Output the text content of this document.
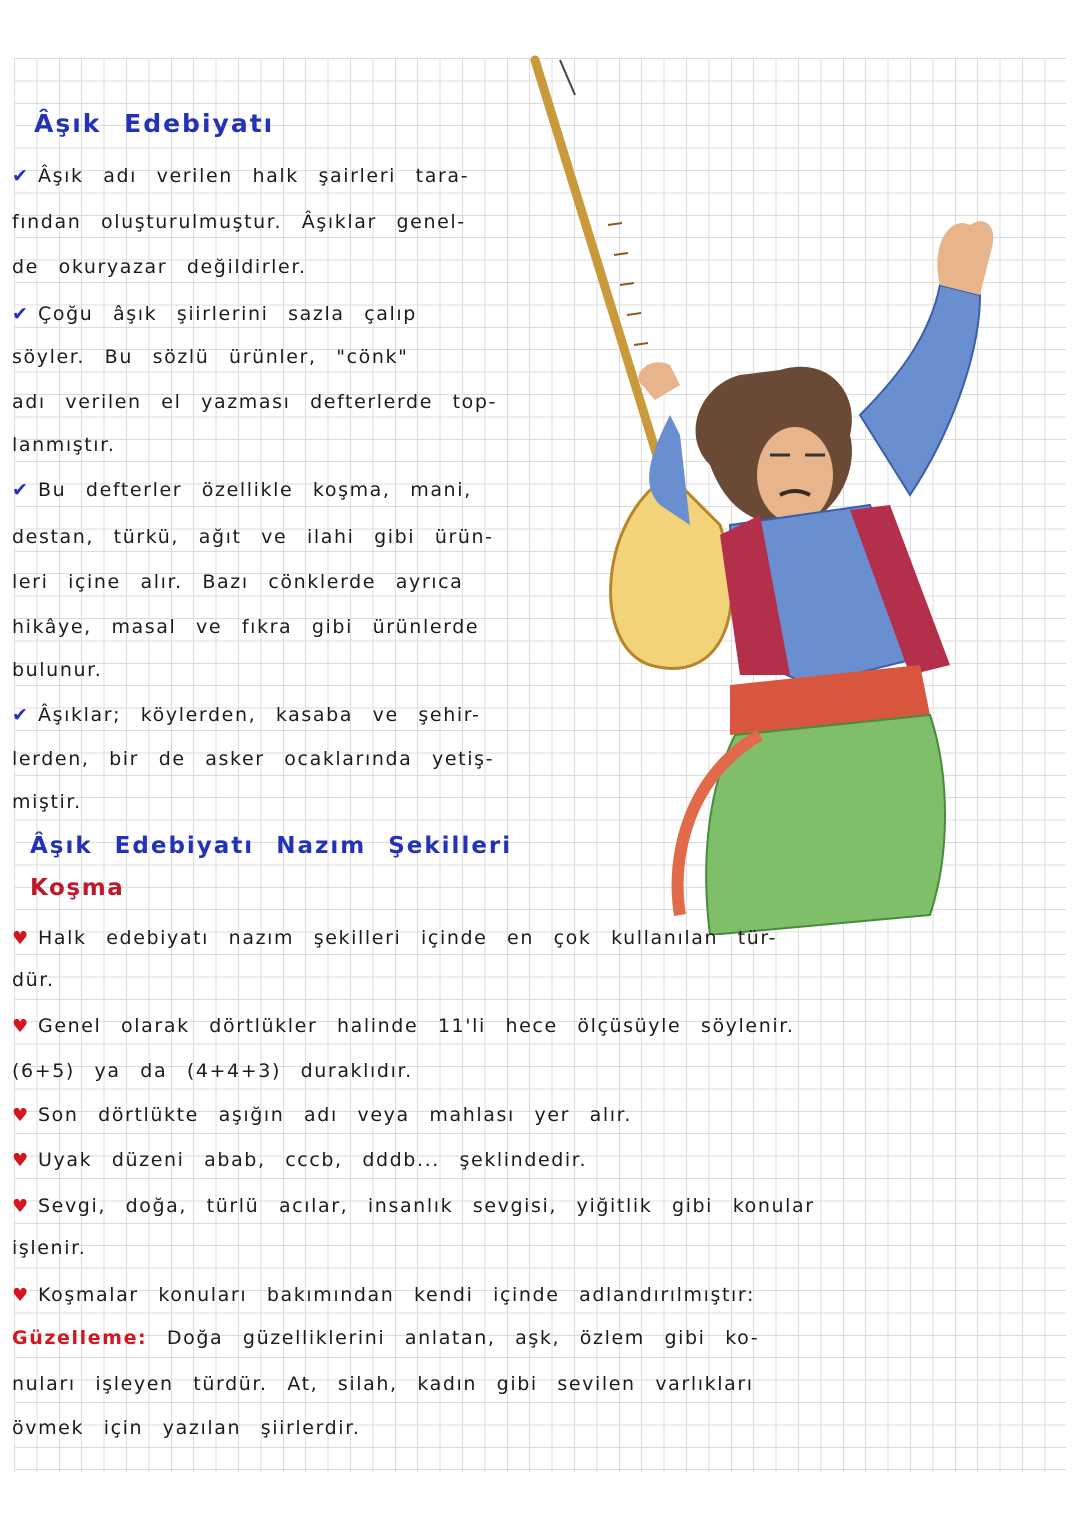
Âşık Edebiyatı
✔ Âşık adı verilen halk şairleri tara-
fından oluşturulmuştur. Âşıklar genel-
de okuryazar değildirler.
✔ Çoğu âşık şiirlerini sazla çalıp
söyler. Bu sözlü ürünler, "cönk"
adı verilen el yazması defterlerde top-
lanmıştır.
✔ Bu defterler özellikle koşma, mani,
destan, türkü, ağıt ve ilahi gibi ürün-
leri içine alır. Bazı cönklerde ayrıca
hikâye, masal ve fıkra gibi ürünlerde
bulunur.
✔ Âşıklar; köylerden, kasaba ve şehir-
lerden, bir de asker ocaklarında yetiş-
miştir.
Âşık Edebiyatı Nazım Şekilleri
Koşma
♥ Halk edebiyatı nazım şekilleri içinde en çok kullanılan tür-
dür.
♥ Genel olarak dörtlükler halinde 11'li hece ölçüsüyle söylenir.
(6+5) ya da (4+4+3) duraklıdır.
♥ Son dörtlükte aşığın adı veya mahlası yer alır.
♥ Uyak düzeni abab, cccb, dddb... şeklindedir.
♥ Sevgi, doğa, türlü acılar, insanlık sevgisi, yiğitlik gibi konular
işlenir.
♥ Koşmalar konuları bakımından kendi içinde adlandırılmıştır:
Güzelleme: Doğa güzelliklerini anlatan, aşk, özlem gibi ko-
nuları işleyen türdür. At, silah, kadın gibi sevilen varlıkları
övmek için yazılan şiirlerdir.
